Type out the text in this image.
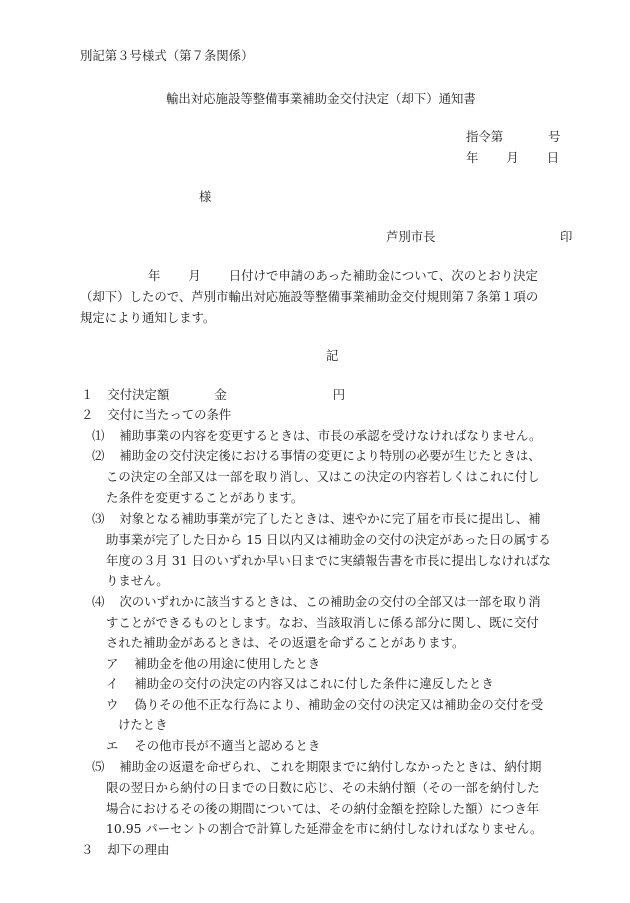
別記第３号様式（第７条関係）
輸出対応施設等整備事業補助金交付決定（却下）通知書
指令第	号
年 月 日
様
芦別市長	印
年 月 日付けで申請のあった補助金について、次のとおり決定
（却下）したので、芦別市輸出対応施設等整備事業補助金交付規則第７条第１項の
規定により通知します。
記
１ 交付決定額	金	円
２ 交付に当たっての条件
⑴ 補助事業の内容を変更するときは、市長の承認を受けなければなりません。
⑵ 補助金の交付決定後における事情の変更により特別の必要が生じたときは、
この決定の全部又は一部を取り消し、又はこの決定の内容若しくはこれに付し
た条件を変更することがあります。
⑶ 対象となる補助事業が完了したときは、速やかに完了届を市長に提出し、補
助事業が完了した日から 15 日以内又は補助金の交付の決定があった日の属する
年度の３月 31 日のいずれか早い日までに実績報告書を市長に提出しなければな
りません。
⑷ 次のいずれかに該当するときは、この補助金の交付の全部又は一部を取り消
すことができるものとします。なお、当該取消しに係る部分に関し、既に交付
された補助金があるときは、その返還を命ずることがあります。
ア 補助金を他の用途に使用したとき
イ 補助金の交付の決定の内容又はこれに付した条件に違反したとき
ウ 偽りその他不正な行為により、補助金の交付の決定又は補助金の交付を受
けたとき
エ その他市長が不適当と認めるとき
⑸ 補助金の返還を命ぜられ、これを期限までに納付しなかったときは、納付期
限の翌日から納付の日までの日数に応じ、その未納付額（その一部を納付した
場合におけるその後の期間については、その納付金額を控除した額）につき年
10.95 パーセントの割合で計算した延滞金を市に納付しなければなりません。
３ 却下の理由
